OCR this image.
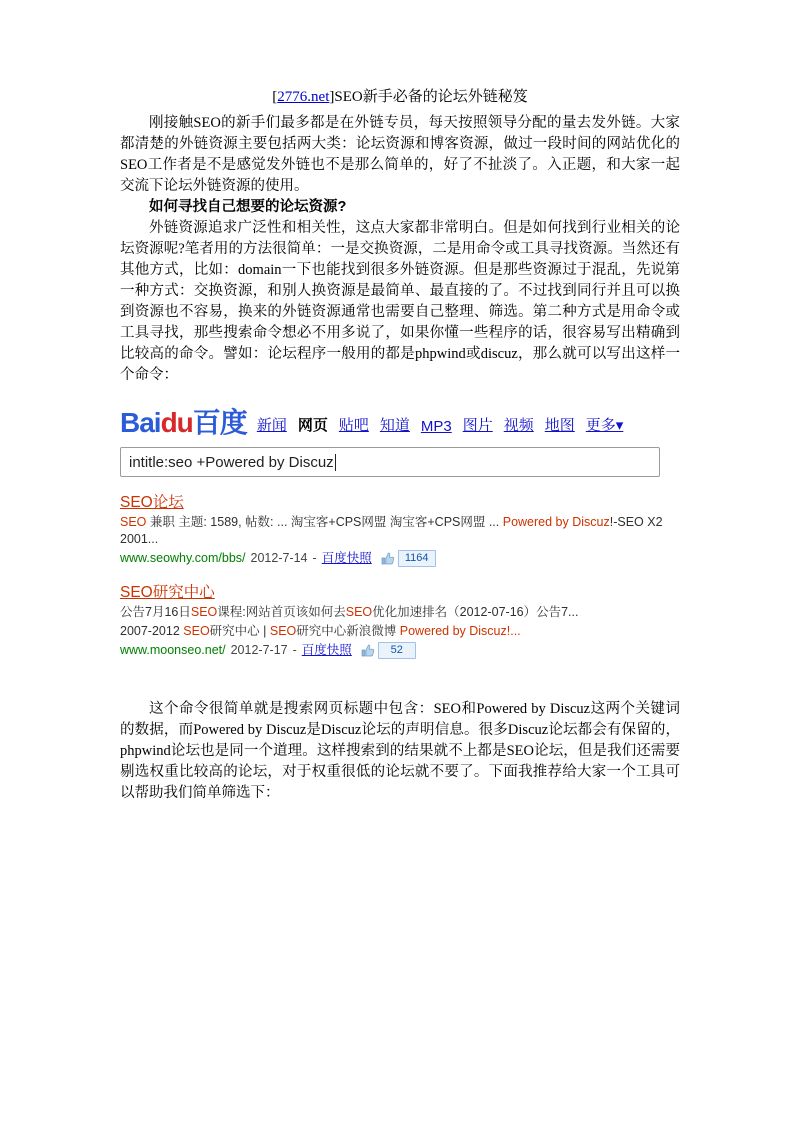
[2776.net]SEO新手必备的论坛外链秘笈

刚接触SEO的新手们最多都是在外链专员，每天按照领导分配的量去发外链。大家都清楚的外链资源主要包括两大类：论坛资源和博客资源，做过一段时间的网站优化的SEO工作者是不是感觉发外链也不是那么简单的，好了不扯淡了。入正题，和大家一起交流下论坛外链资源的使用。

如何寻找自己想要的论坛资源?

外链资源追求广泛性和相关性，这点大家都非常明白。但是如何找到行业相关的论坛资源呢?笔者用的方法很简单：一是交换资源，二是用命令或工具寻找资源。当然还有其他方式，比如：domain一下也能找到很多外链资源。但是那些资源过于混乱，先说第一种方式：交换资源，和别人换资源是最简单、最直接的了。不过找到同行并且可以换到资源也不容易，换来的外链资源通常也需要自己整理、筛选。第二种方式是用命令或工具寻找，那些搜索命令想必不用多说了，如果你懂一些程序的话，很容易写出精确到比较高的命令。譬如：论坛程序一般用的都是phpwind或discuz，那么就可以写出这样一个命令：

Baidu百度 新闻 网页 贴吧 知道 MP3 图片 视频 地图 更多▾
intitle:seo +Powered by Discuz
SEO论坛
SEO 兼职 主题: 1589, 帖数: ... 淘宝客+CPS网盟 淘宝客+CPS网盟 ... Powered by Discuz!-SEO X2 2001...
www.seowhy.com/bbs/ 2012-7-14 - 百度快照	1164
SEO研究中心
公告7月16日SEO课程:网站首页该如何去SEO优化加速排名（2012-07-16）公告7...
2007-2012 SEO研究中心 | SEO研究中心新浪微博 Powered by Discuz!...
www.moonseo.net/ 2012-7-17 - 百度快照	52

这个命令很简单就是搜索网页标题中包含：SEO和Powered by Discuz这两个关键词的数据，而Powered by Discuz是Discuz论坛的声明信息。很多Discuz论坛都会有保留的，phpwind论坛也是同一个道理。这样搜索到的结果就不上都是SEO论坛，但是我们还需要剔选权重比较高的论坛，对于权重很低的论坛就不要了。下面我推荐给大家一个工具可以帮助我们简单筛选下：
